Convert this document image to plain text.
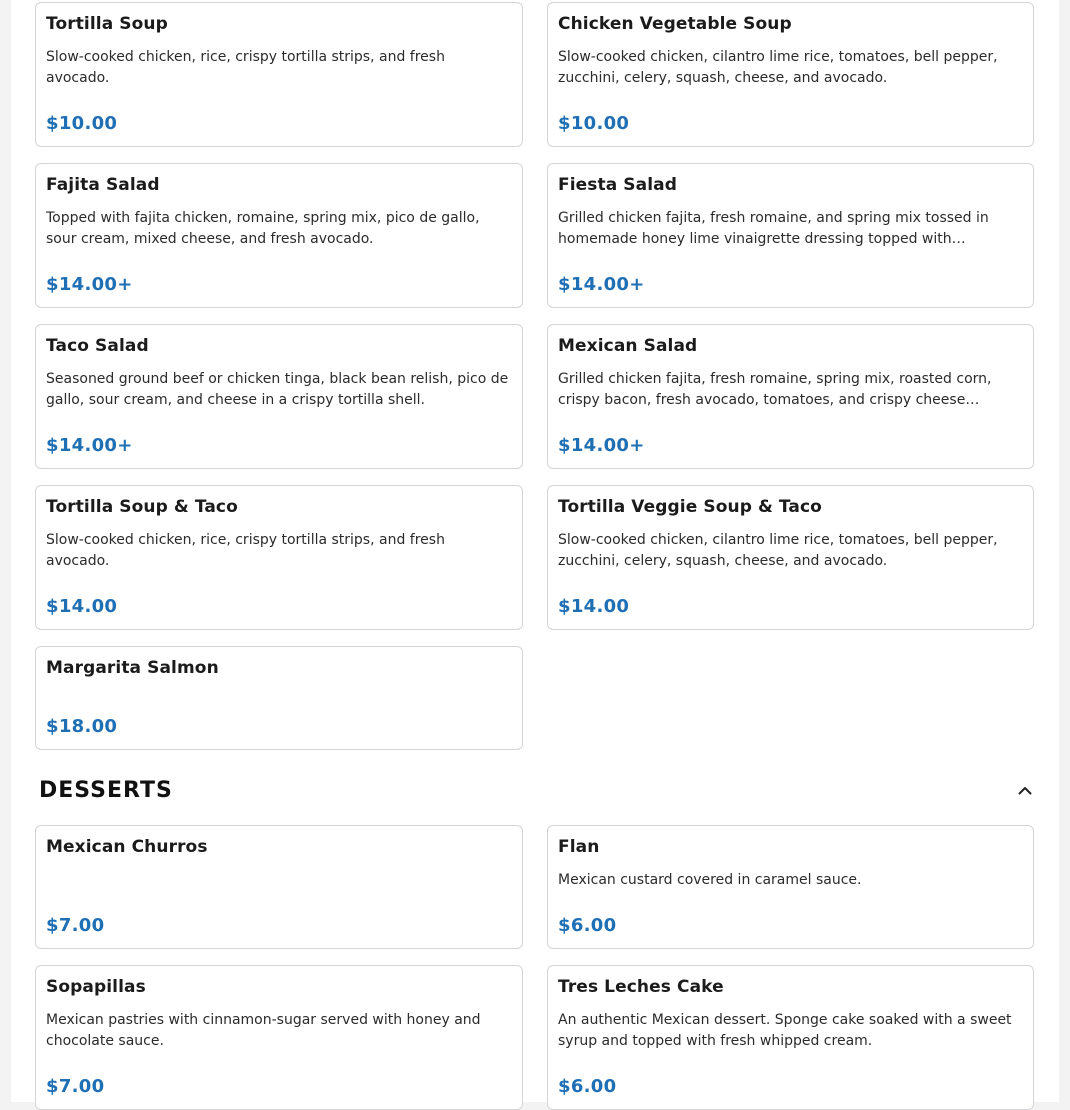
Tortilla Soup
Slow-cooked chicken, rice, crispy tortilla strips, and fresh avocado.
$10.00
Chicken Vegetable Soup
Slow-cooked chicken, cilantro lime rice, tomatoes, bell pepper, zucchini, celery, squash, cheese, and avocado.
$10.00
Fajita Salad
Topped with fajita chicken, romaine, spring mix, pico de gallo, sour cream, mixed cheese, and fresh avocado.
$14.00+
Fiesta Salad
Grilled chicken fajita, fresh romaine, and spring mix tossed in homemade honey lime vinaigrette dressing topped with…
$14.00+
Taco Salad
Seasoned ground beef or chicken tinga, black bean relish, pico de gallo, sour cream, and cheese in a crispy tortilla shell.
$14.00+
Mexican Salad
Grilled chicken fajita, fresh romaine, spring mix, roasted corn, crispy bacon, fresh avocado, tomatoes, and crispy cheese…
$14.00+
Tortilla Soup & Taco
Slow-cooked chicken, rice, crispy tortilla strips, and fresh avocado.
$14.00
Tortilla Veggie Soup & Taco
Slow-cooked chicken, cilantro lime rice, tomatoes, bell pepper, zucchini, celery, squash, cheese, and avocado.
$14.00
Margarita Salmon
$18.00
DESSERTS
Mexican Churros
$7.00
Flan
Mexican custard covered in caramel sauce.
$6.00
Sopapillas
Mexican pastries with cinnamon-sugar served with honey and chocolate sauce.
$7.00
Tres Leches Cake
An authentic Mexican dessert. Sponge cake soaked with a sweet syrup and topped with fresh whipped cream.
$6.00
